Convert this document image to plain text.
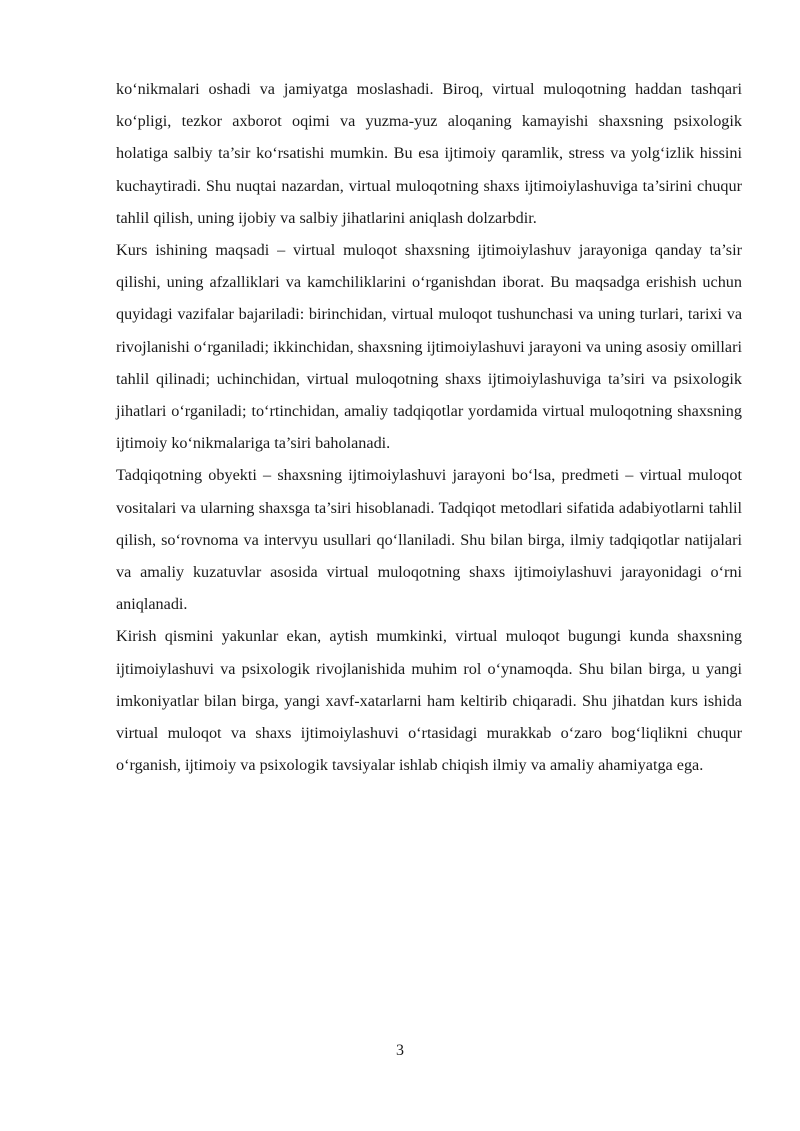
ko‘nikmalari oshadi va jamiyatga moslashadi. Biroq, virtual muloqotning haddan tashqari ko‘pligi, tezkor axborot oqimi va yuzma-yuz aloqaning kamayishi shaxsning psixologik holatiga salbiy ta’sir ko‘rsatishi mumkin. Bu esa ijtimoiy qaramlik, stress va yolg‘izlik hissini kuchaytiradi. Shu nuqtai nazardan, virtual muloqotning shaxs ijtimoiylashuviga ta’sirini chuqur tahlil qilish, uning ijobiy va salbiy jihatlarini aniqlash dolzarbdir.

Kurs ishining maqsadi – virtual muloqot shaxsning ijtimoiylashuv jarayoniga qanday ta’sir qilishi, uning afzalliklari va kamchiliklarini o‘rganishdan iborat. Bu maqsadga erishish uchun quyidagi vazifalar bajariladi: birinchidan, virtual muloqot tushunchasi va uning turlari, tarixi va rivojlanishi o‘rganiladi; ikkinchidan, shaxsning ijtimoiylashuvi jarayoni va uning asosiy omillari tahlil qilinadi; uchinchidan, virtual muloqotning shaxs ijtimoiylashuviga ta’siri va psixologik jihatlari o‘rganiladi; to‘rtinchidan, amaliy tadqiqotlar yordamida virtual muloqotning shaxsning ijtimoiy ko‘nikmalariga ta’siri baholanadi.

Tadqiqotning obyekti – shaxsning ijtimoiylashuvi jarayoni bo‘lsa, predmeti – virtual muloqot vositalari va ularning shaxsga ta’siri hisoblanadi. Tadqiqot metodlari sifatida adabiyotlarni tahlil qilish, so‘rovnoma va intervyu usullari qo‘llaniladi. Shu bilan birga, ilmiy tadqiqotlar natijalari va amaliy kuzatuvlar asosida virtual muloqotning shaxs ijtimoiylashuvi jarayonidagi o‘rni aniqlanadi.

Kirish qismini yakunlar ekan, aytish mumkinki, virtual muloqot bugungi kunda shaxsning ijtimoiylashuvi va psixologik rivojlanishida muhim rol o‘ynamoqda. Shu bilan birga, u yangi imkoniyatlar bilan birga, yangi xavf-xatarlarni ham keltirib chiqaradi. Shu jihatdan kurs ishida virtual muloqot va shaxs ijtimoiylashuvi o‘rtasidagi murakkab o‘zaro bog‘liqlikni chuqur o‘rganish, ijtimoiy va psixologik tavsiyalar ishlab chiqish ilmiy va amaliy ahamiyatga ega.

3
